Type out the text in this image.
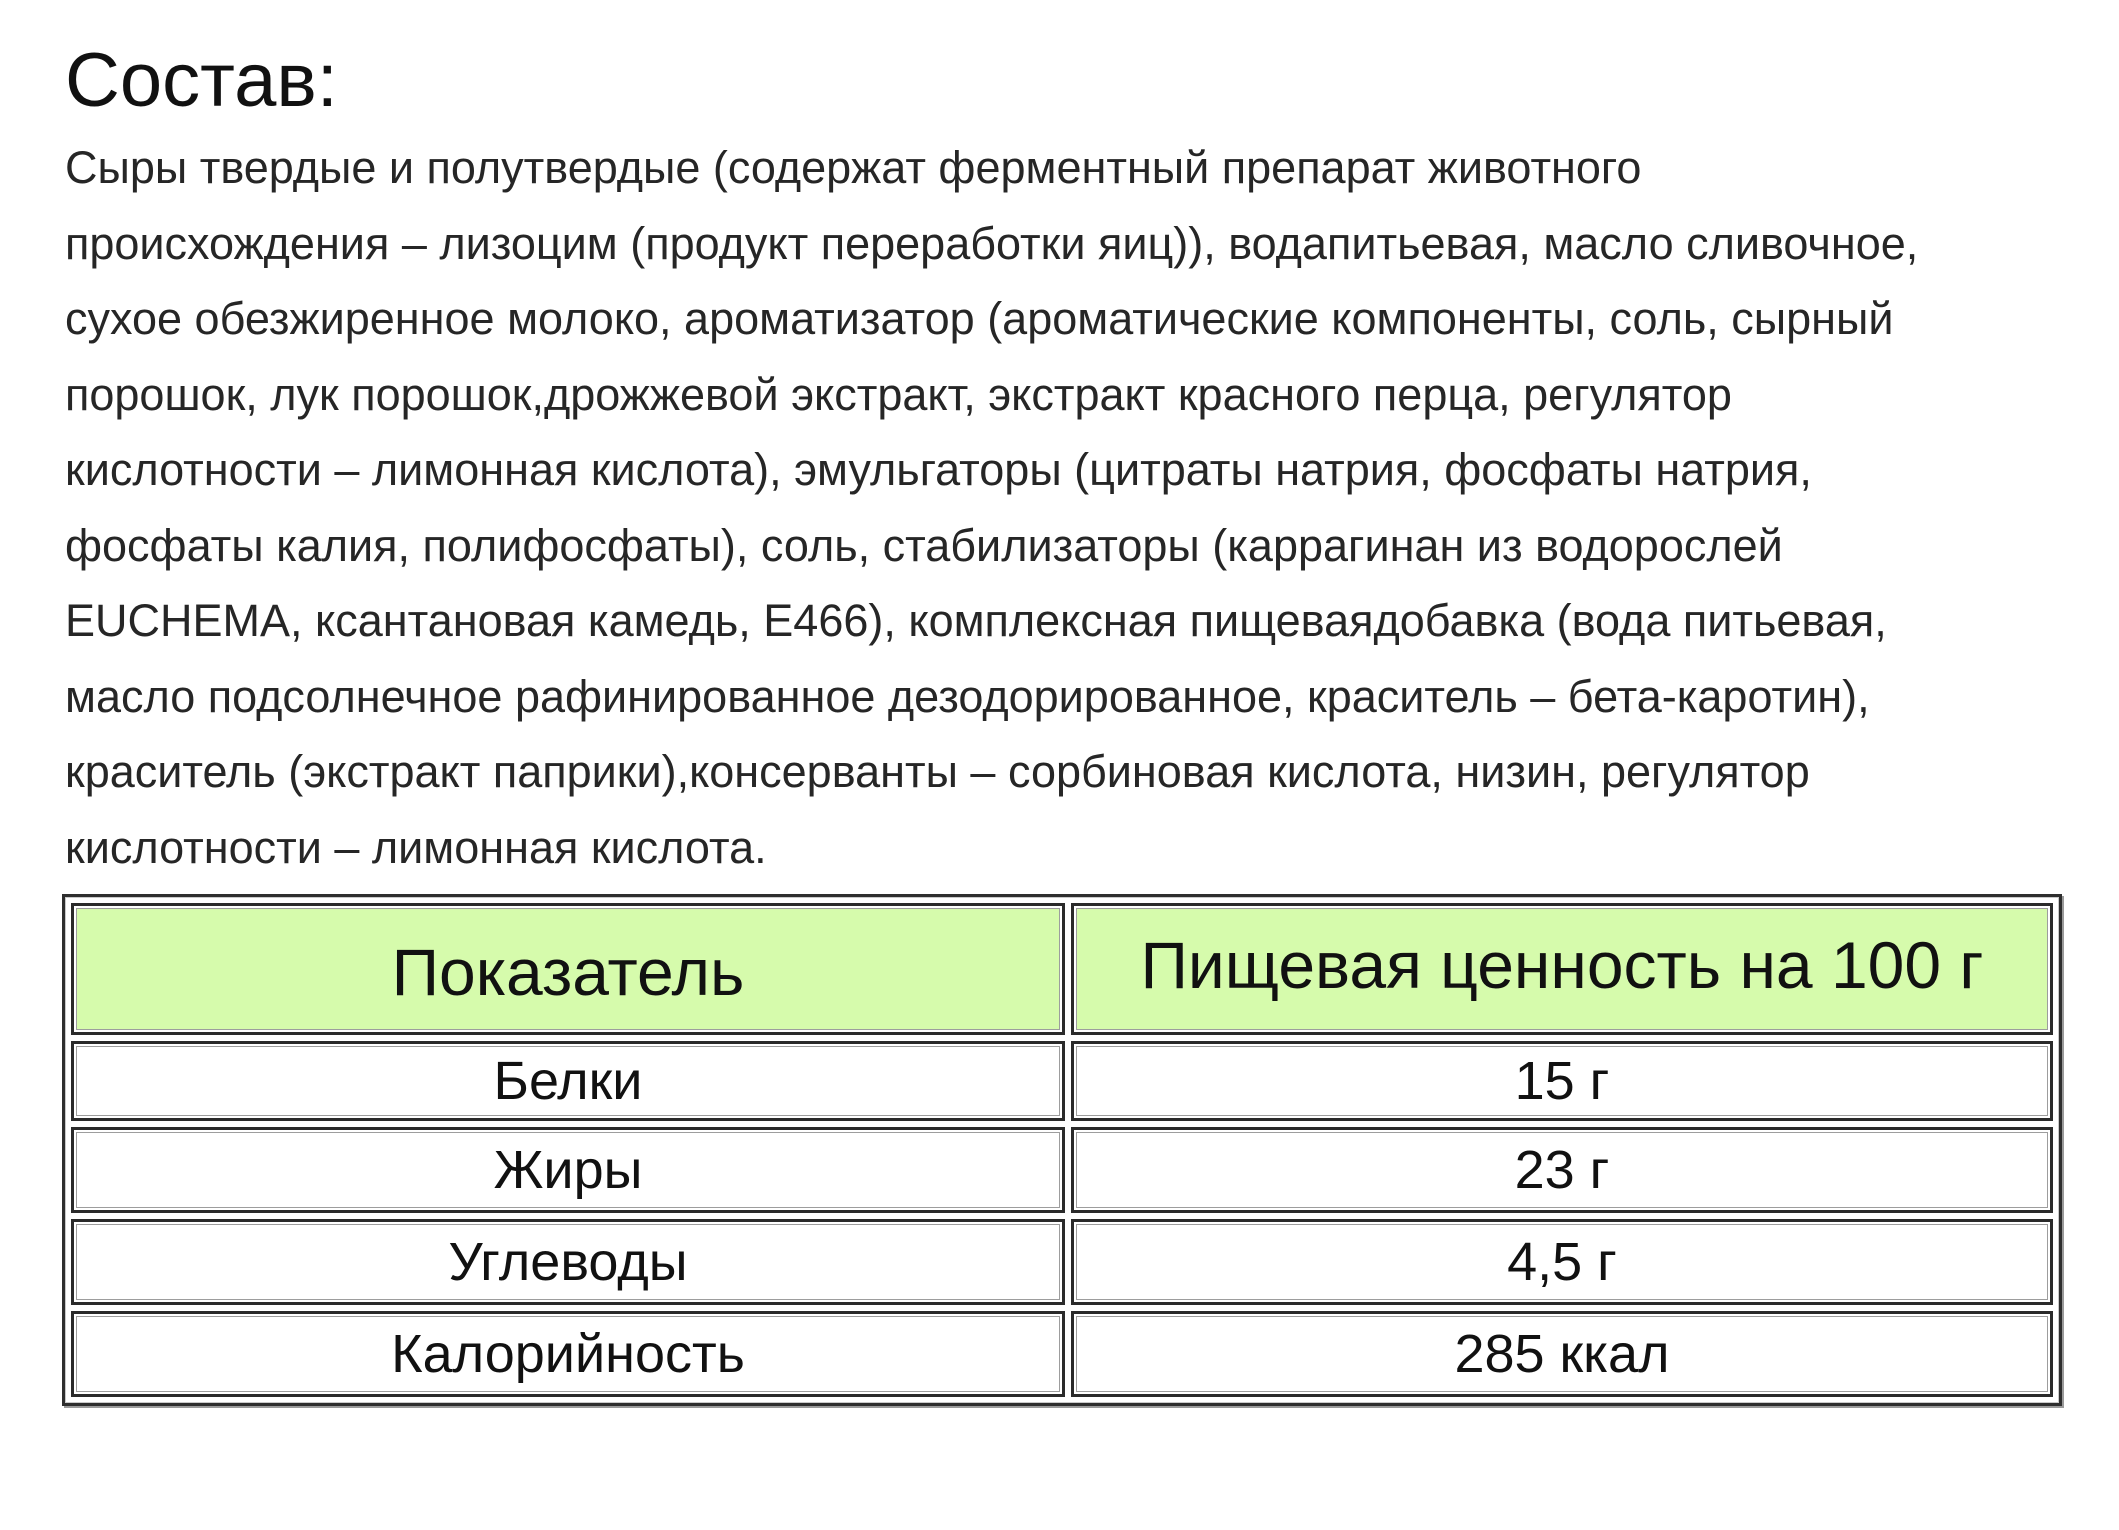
Состав:

Сыры твердые и полутвердые (содержат ферментный препарат животного
происхождения – лизоцим (продукт переработки яиц)), водапитьевая, масло сливочное,
сухое обезжиренное молоко, ароматизатор (ароматические компоненты, соль, сырный
порошок, лук порошок,дрожжевой экстракт, экстракт красного перца, регулятор
кислотности – лимонная кислота), эмульгаторы (цитраты натрия, фосфаты натрия,
фосфаты калия, полифосфаты), соль, стабилизаторы (каррагинан из водорослей
EUCHEMA, ксантановая камедь, Е466), комплексная пищеваядобавка (вода питьевая,
масло подсолнечное рафинированное дезодорированное, краситель – бета-каротин),
краситель (экстракт паприки),консерванты – сорбиновая кислота, низин, регулятор
кислотности – лимонная кислота.

Показатель	Пищевая ценность на 100 г
Белки	15 г
Жиры	23 г
Углеводы	4,5 г
Калорийность	285 ккал
